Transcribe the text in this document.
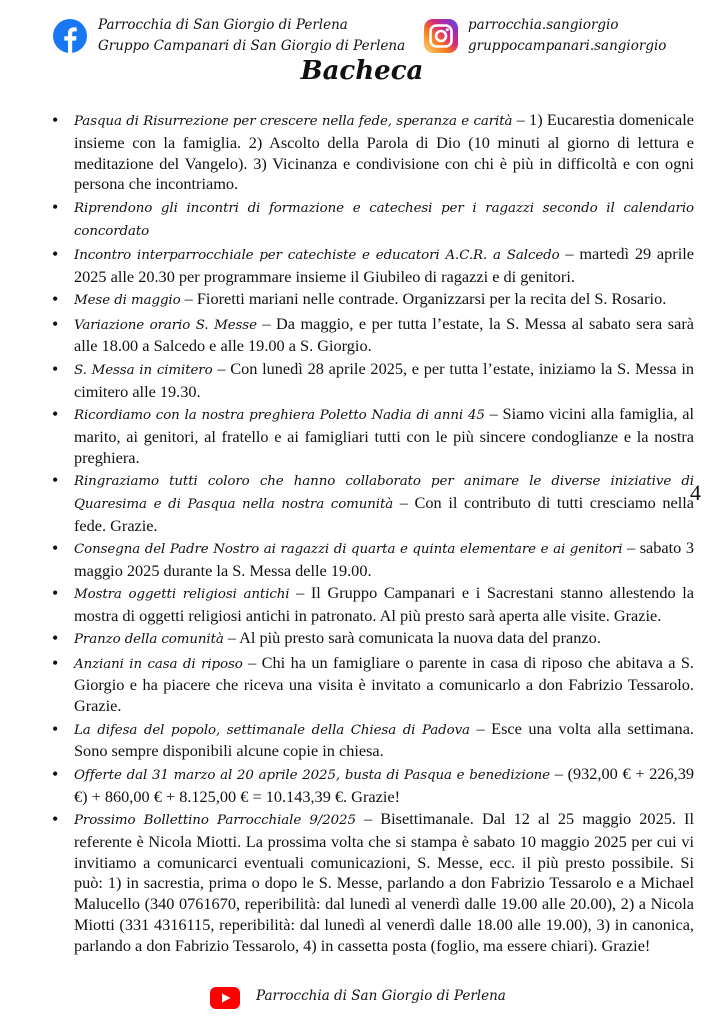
Parrocchia di San Giorgio di Perlena
Gruppo Campanari di San Giorgio di Perlena
parrocchia.sangiorgio
gruppocampanari.sangiorgio
Bacheca
• Pasqua di Risurrezione per crescere nella fede, speranza e carità – 1) Eucarestia domenicale insieme con la famiglia. 2) Ascolto della Parola di Dio (10 minuti al giorno di lettura e meditazione del Vangelo). 3) Vicinanza e condivisione con chi è più in difficoltà e con ogni persona che incontriamo.
• Riprendono gli incontri di formazione e catechesi per i ragazzi secondo il calendario concordato
• Incontro interparrocchiale per catechiste e educatori A.C.R. a Salcedo – martedì 29 aprile 2025 alle 20.30 per programmare insieme il Giubileo di ragazzi e di genitori.
• Mese di maggio – Fioretti mariani nelle contrade. Organizzarsi per la recita del S. Rosario.
• Variazione orario S. Messe – Da maggio, e per tutta l’estate, la S. Messa al sabato sera sarà alle 18.00 a Salcedo e alle 19.00 a S. Giorgio.
• S. Messa in cimitero – Con lunedì 28 aprile 2025, e per tutta l’estate, iniziamo la S. Messa in cimitero alle 19.30.
• Ricordiamo con la nostra preghiera Poletto Nadia di anni 45 – Siamo vicini alla famiglia, al marito, ai genitori, al fratello e ai famigliari tutti con le più sincere condoglianze e la nostra preghiera.
• Ringraziamo tutti coloro che hanno collaborato per animare le diverse iniziative di Quaresima e di Pasqua nella nostra comunità – Con il contributo di tutti cresciamo nella fede. Grazie.
• Consegna del Padre Nostro ai ragazzi di quarta e quinta elementare e ai genitori – sabato 3 maggio 2025 durante la S. Messa delle 19.00.
• Mostra oggetti religiosi antichi – Il Gruppo Campanari e i Sacrestani stanno allestendo la mostra di oggetti religiosi antichi in patronato. Al più presto sarà aperta alle visite. Grazie.
• Pranzo della comunità – Al più presto sarà comunicata la nuova data del pranzo.
• Anziani in casa di riposo – Chi ha un famigliare o parente in casa di riposo che abitava a S. Giorgio e ha piacere che riceva una visita è invitato a comunicarlo a don Fabrizio Tessarolo. Grazie.
• La difesa del popolo, settimanale della Chiesa di Padova – Esce una volta alla settimana. Sono sempre disponibili alcune copie in chiesa.
• Offerte dal 31 marzo al 20 aprile 2025, busta di Pasqua e benedizione – (932,00 € + 226,39 €) + 860,00 € + 8.125,00 € = 10.143,39 €. Grazie!
• Prossimo Bollettino Parrocchiale 9/2025 – Bisettimanale. Dal 12 al 25 maggio 2025. Il referente è Nicola Miotti. La prossima volta che si stampa è sabato 10 maggio 2025 per cui vi invitiamo a comunicarci eventuali comunicazioni, S. Messe, ecc. il più presto possibile. Si può: 1) in sacrestia, prima o dopo le S. Messe, parlando a don Fabrizio Tessarolo e a Michael Malucello (340 0761670, reperibilità: dal lunedì al venerdì dalle 19.00 alle 20.00), 2) a Nicola Miotti (331 4316115, reperibilità: dal lunedì al venerdì dalle 18.00 alle 19.00), 3) in canonica, parlando a don Fabrizio Tessarolo, 4) in cassetta posta (foglio, ma essere chiari). Grazie!
4
Parrocchia di San Giorgio di Perlena
